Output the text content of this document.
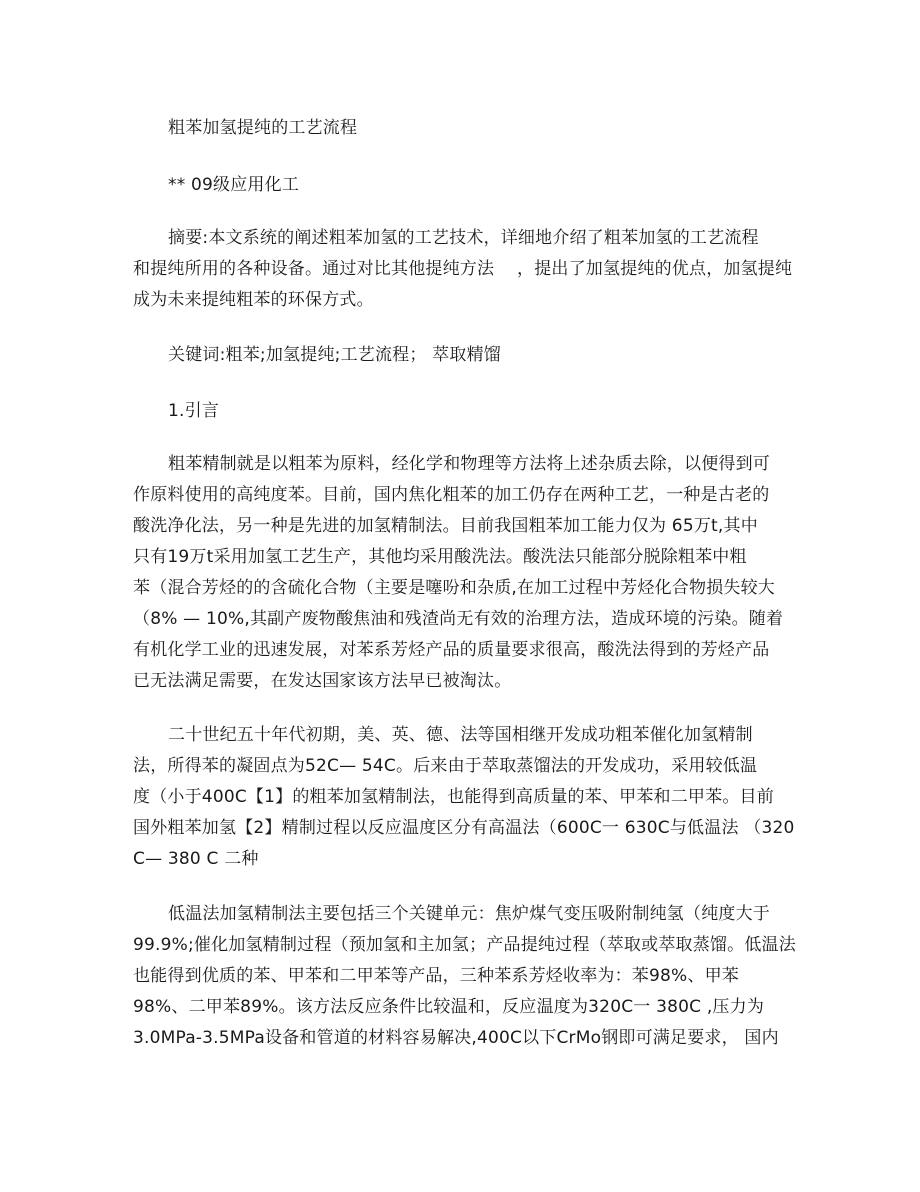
粗苯加氢提纯的工艺流程
** 09级应用化工
摘要:本文系统的阐述粗苯加氢的工艺技术，详细地介绍了粗苯加氢的工艺流程
和提纯所用的各种设备。通过对比其他提纯方法　 ，提出了加氢提纯的优点，加氢提纯
成为未来提纯粗苯的环保方式。
关键词:粗苯;加氢提纯;工艺流程； 萃取精馏
1.引言
粗苯精制就是以粗苯为原料，经化学和物理等方法将上述杂质去除，以便得到可
作原料使用的高纯度苯。目前，国内焦化粗苯的加工仍存在两种工艺，一种是古老的
酸洗净化法，另一种是先进的加氢精制法。目前我国粗苯加工能力仅为 65万t,其中
只有19万t采用加氢工艺生产，其他均采用酸洗法。酸洗法只能部分脱除粗苯中粗
苯（混合芳烃的的含硫化合物（主要是噻吩和杂质,在加工过程中芳烃化合物损失较大
（8% — 10%,其副产废物酸焦油和残渣尚无有效的治理方法，造成环境的污染。随着
有机化学工业的迅速发展，对苯系芳烃产品的质量要求很高，酸洗法得到的芳烃产品
已无法满足需要，在发达国家该方法早已被淘汰。
二十世纪五十年代初期，美、英、德、法等国相继开发成功粗苯催化加氢精制
法，所得苯的凝固点为52C— 54C。后来由于萃取蒸馏法的开发成功，采用较低温
度（小于400C【1】的粗苯加氢精制法，也能得到高质量的苯、甲苯和二甲苯。目前
国外粗苯加氢【2】精制过程以反应温度区分有高温法（600C一 630C与低温法 （320
C— 380 C 二种
低温法加氢精制法主要包括三个关键单元：焦炉煤气变压吸附制纯氢（纯度大于
99.9%;催化加氢精制过程（预加氢和主加氢；产品提纯过程（萃取或萃取蒸馏。低温法
也能得到优质的苯、甲苯和二甲苯等产品，三种苯系芳烃收率为：苯98%、甲苯
98%、二甲苯89%。该方法反应条件比较温和，反应温度为320C一 380C ,压力为
3.0MPa-3.5MPa设备和管道的材料容易解决,400C以下CrMo钢即可满足要求， 国内
